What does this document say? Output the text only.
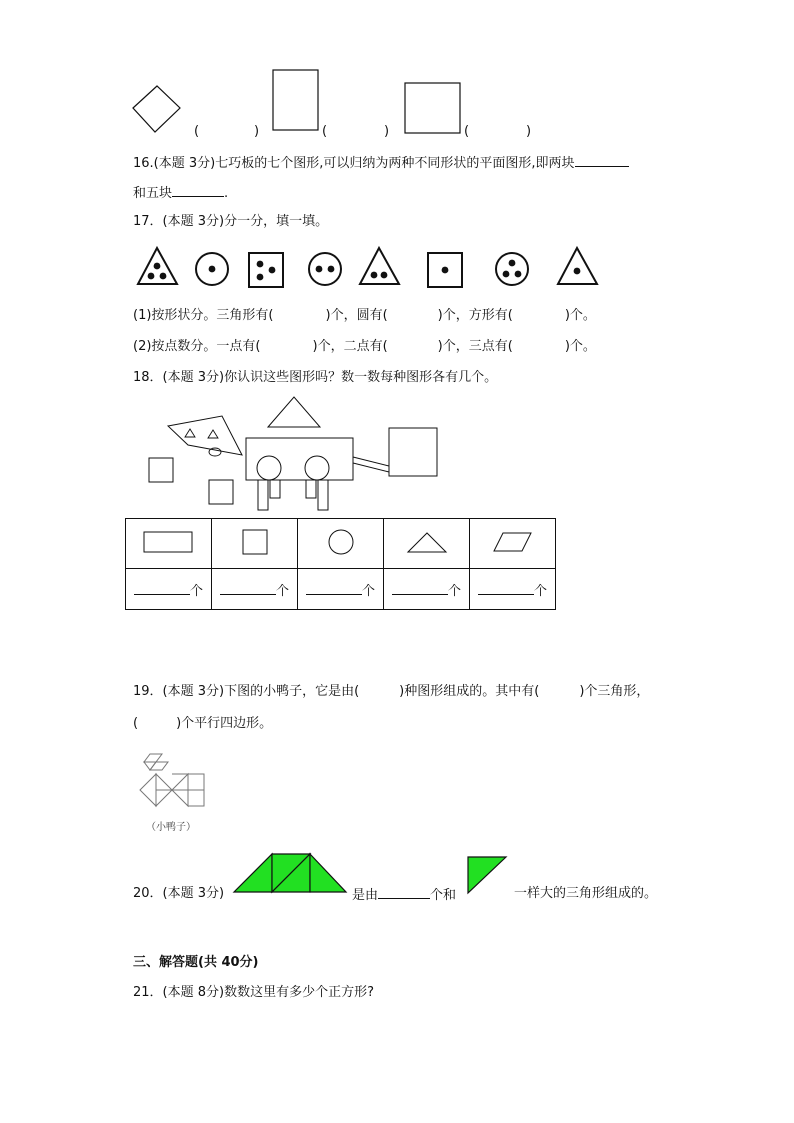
(	)	(	)	(	)
16.(本题 3分)七巧板的七个图形,可以归纳为两种不同形状的平面图形,即两块
和五块	.
17．(本题 3分)分一分，填一填。
(1)按形状分。三角形有(	)个，圆有(	)个，方形有(	)个。
(2)按点数分。一点有(	)个，二点有(	)个，三点有(	)个。
18．(本题 3分)你认识这些图形吗？数一数每种图形各有几个。

个	个	个	个	个
19．(本题 3分)下图的小鸭子，它是由(	)种图形组成的。其中有(	)个三角形，
(	)个平行四边形。
（小鸭子）
20．(本题 3分)	是由	个和	一样大的三角形组成的。
三、解答题(共 40分)
21．(本题 8分)数数这里有多少个正方形?
